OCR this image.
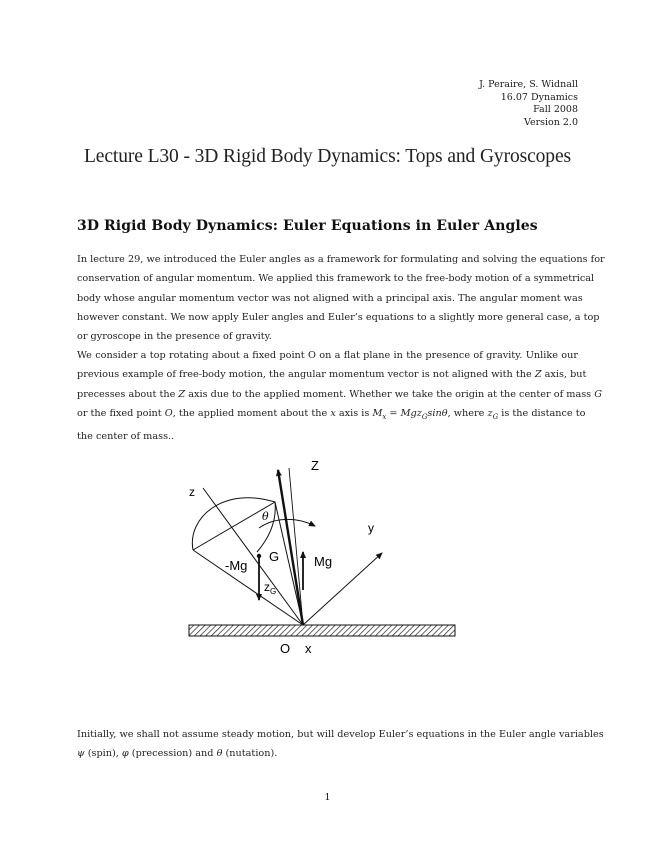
J. Peraire, S. Widnall
16.07 Dynamics
Fall 2008
Version 2.0
Lecture L30 - 3D Rigid Body Dynamics: Tops and Gyroscopes
3D Rigid Body Dynamics: Euler Equations in Euler Angles
In lecture 29, we introduced the Euler angles as a framework for formulating and solving the equations for
conservation of angular momentum. We applied this framework to the free-body motion of a symmetrical
body whose angular momentum vector was not aligned with a principal axis. The angular moment was
however constant. We now apply Euler angles and Euler’s equations to a slightly more general case, a top
or gyroscope in the presence of gravity.
We consider a top rotating about a fixed point O on a flat plane in the presence of gravity. Unlike our
previous example of free-body motion, the angular momentum vector is not aligned with the Z axis, but
precesses about the Z axis due to the applied moment. Whether we take the origin at the center of mass G
or the fixed point O, the applied moment about the x axis is $M_x = Mgz_G\sin\theta$, where $z_G$ is the distance to
the center of mass..
Z
z
θ
y
G
-Mg	Mg
$z_G$
O x
Initially, we shall not assume steady motion, but will develop Euler’s equations in the Euler angle variables
ψ (spin), φ (precession) and θ (nutation).
1
